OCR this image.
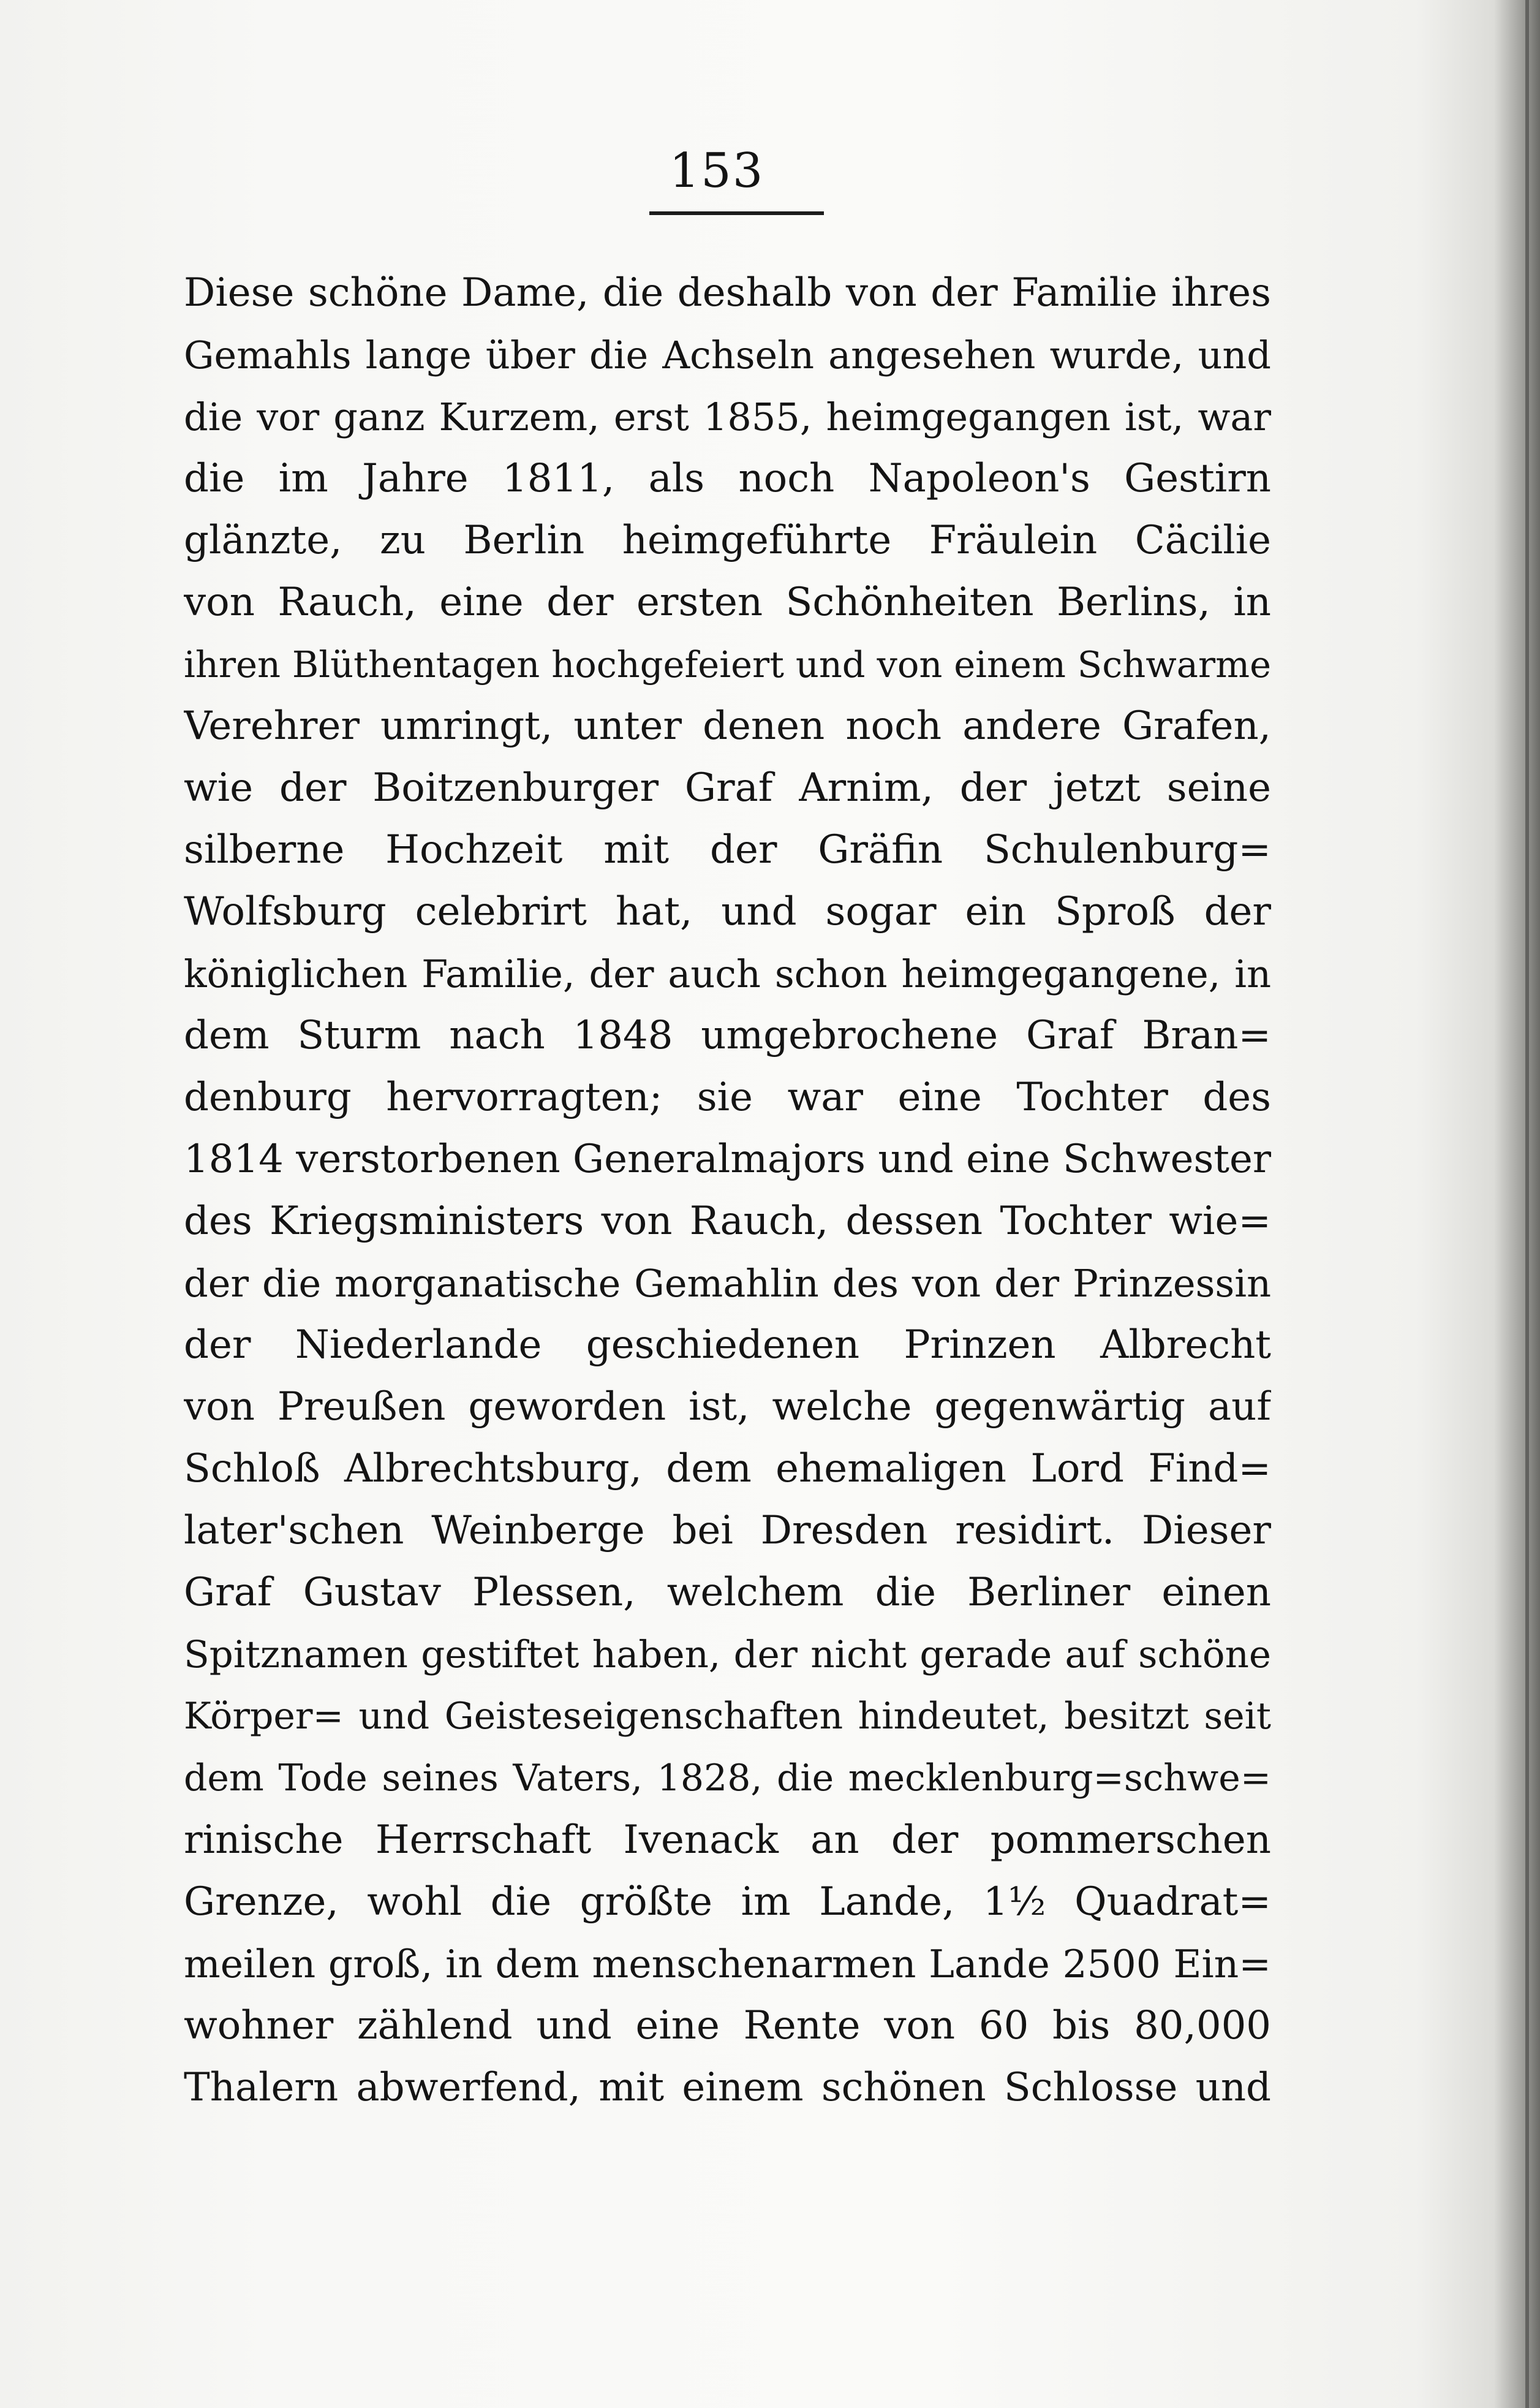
153
Diese schöne Dame, die deshalb von der Familie ihres
Gemahls lange über die Achseln angesehen wurde, und
die vor ganz Kurzem, erst 1855, heimgegangen ist, war
die im Jahre 1811, als noch Napoleon's Gestirn
glänzte, zu Berlin heimgeführte Fräulein Cäcilie
von Rauch, eine der ersten Schönheiten Berlins, in
ihren Blüthentagen hochgefeiert und von einem Schwarme
Verehrer umringt, unter denen noch andere Grafen,
wie der Boitzenburger Graf Arnim, der jetzt seine
silberne Hochzeit mit der Gräfin Schulenburg=
Wolfsburg celebrirt hat, und sogar ein Sproß der
königlichen Familie, der auch schon heimgegangene, in
dem Sturm nach 1848 umgebrochene Graf Bran=
denburg hervorragten; sie war eine Tochter des
1814 verstorbenen Generalmajors und eine Schwester
des Kriegsministers von Rauch, dessen Tochter wie=
der die morganatische Gemahlin des von der Prinzessin
der Niederlande geschiedenen Prinzen Albrecht
von Preußen geworden ist, welche gegenwärtig auf
Schloß Albrechtsburg, dem ehemaligen Lord Find=
later'schen Weinberge bei Dresden residirt. Dieser
Graf Gustav Plessen, welchem die Berliner einen
Spitznamen gestiftet haben, der nicht gerade auf schöne
Körper= und Geisteseigenschaften hindeutet, besitzt seit
dem Tode seines Vaters, 1828, die mecklenburg=schwe=
rinische Herrschaft Ivenack an der pommerschen
Grenze, wohl die größte im Lande, 1½ Quadrat=
meilen groß, in dem menschenarmen Lande 2500 Ein=
wohner zählend und eine Rente von 60 bis 80,000
Thalern abwerfend, mit einem schönen Schlosse und
